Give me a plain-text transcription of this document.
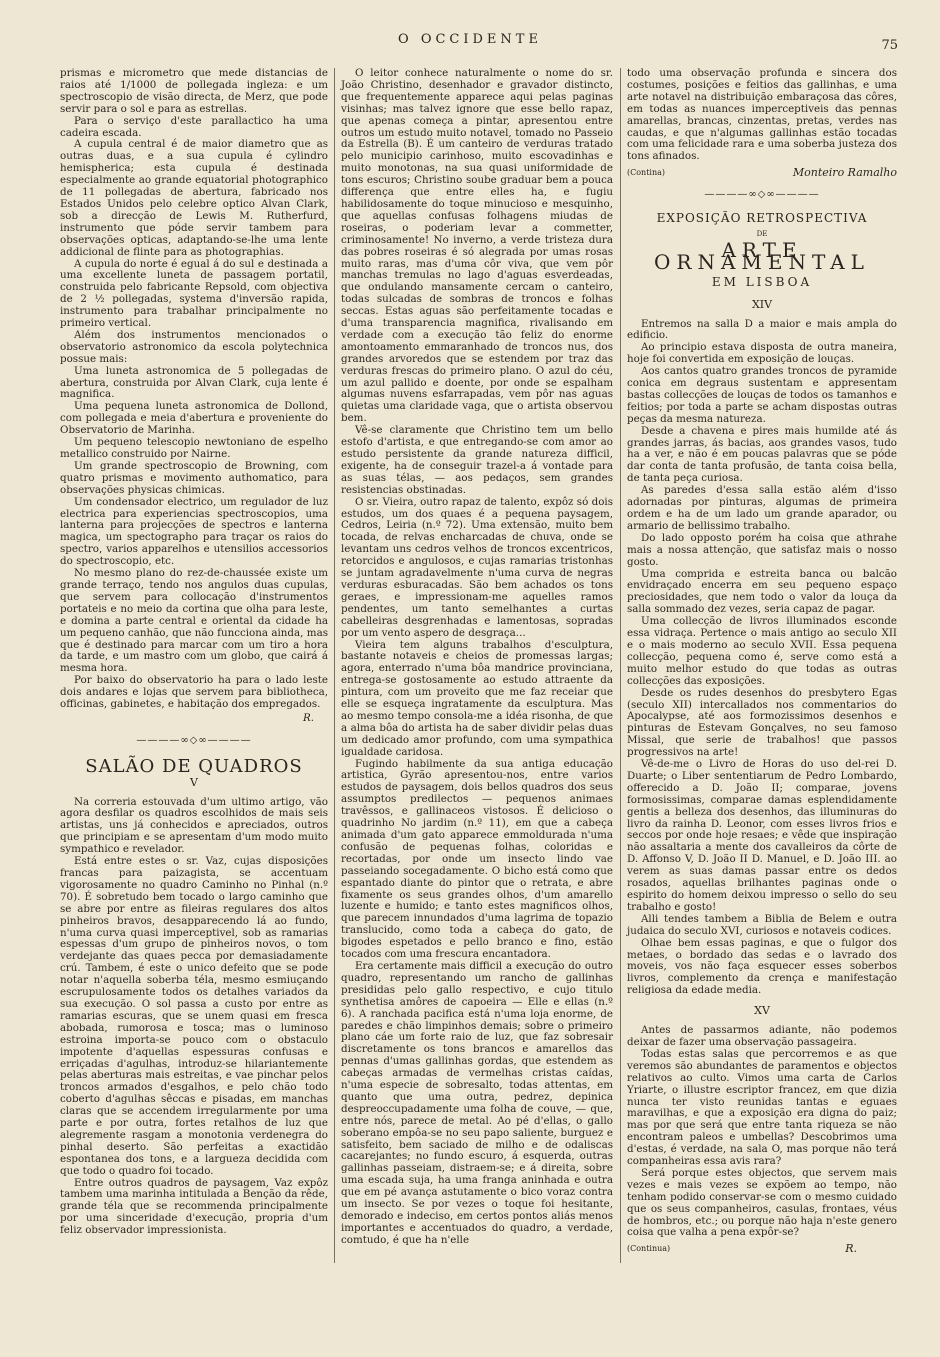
O OCCIDENTE	75

prismas e micrometro que mede distancias de raios até 1/1000 de pollegada ingleza: e um spectroscopio de visão directa, de Merz, que pode servir para o sol e para as estrellas.

Para o serviço d'este parallactico ha uma cadeira escada.

A cupula central é de maior diametro que as outras duas, e a sua cupula é cylindro hemispherica; esta cupula é destinada especialmente ao grande equatorial photographico de 11 pollegadas de abertura, fabricado nos Estados Unidos pelo celebre optico Alvan Clark, sob a direcção de Lewis M. Rutherfurd, instrumento que póde servir tambem para observações opticas, adaptando-se-lhe uma lente addicional de flinte para as photographias.

A cupula do norte é egual á do sul e destinada a uma excellente luneta de passagem portatil, construida pelo fabricante Repsold, com objectiva de 2 ½ pollegadas, systema d'inversão rapida, instrumento para trabalhar principalmente no primeiro vertical.

Além dos instrumentos mencionados o observatorio astronomico da escola polytechnica possue mais:

Uma luneta astronomica de 5 pollegadas de abertura, construida por Alvan Clark, cuja lente é magnifica.

Uma pequena luneta astronomica de Dollond, com pollegada e meia d'abertura e proveniente do Observatorio de Marinha.

Um pequeno telescopio newtoniano de espelho metallico construido por Nairne.

Um grande spectroscopio de Browning, com quatro prismas e movimento authomatico, para observações physicas chimicas.

Um condensador electrico, um regulador de luz electrica para experiencias spectroscopios, uma lanterna para projecções de spectros e lanterna magica, um spectographo para traçar os raios do spectro, varios apparelhos e utensilios accessorios do spectroscopio, etc.

No mesmo plano do rez-de-chaussée existe um grande terraço, tendo nos angulos duas cupulas, que servem para collocação d'instrumentos portateis e no meio da cortina que olha para leste, e domina a parte central e oriental da cidade ha um pequeno canhão, que não funcciona ainda, mas que é destinado para marcar com um tiro a hora da tarde, e um mastro com um globo, que cairá á mesma hora.

Por baixo do observatorio ha para o lado leste dois andares e lojas que servem para bibliotheca, officinas, gabinetes, e habitação dos empregados.

R.
————∞◇∞————
SALÃO DE QUADROS
V

Na correria estouvada d'um ultimo artigo, vão agora desfilar os quadros escolhidos de mais seis artistas, uns já conhecidos e apreciados, outros que principiam e se apresentam d'um modo muito sympathico e revelador.

Está entre estes o sr. Vaz, cujas disposições francas para paizagista, se accentuam vigorosamente no quadro Caminho no Pinhal (n.º 70). É sobretudo bem tocado o largo caminho que se abre por entre as fileiras regulares dos altos pinheiros bravos, desapparecendo lá ao fundo, n'uma curva quasi imperceptivel, sob as ramarias espessas d'um grupo de pinheiros novos, o tom verdejante das quaes pecca por demasiadamente crú. Tambem, é este o unico defeito que se pode notar n'aquella soberba téla, mesmo esmiuçando escrupulosamente todos os detalhes variados da sua execução. O sol passa a custo por entre as ramarias escuras, que se unem quasi em fresca abobada, rumorosa e tosca; mas o luminoso estroina importa-se pouco com o obstaculo impotente d'aquellas espessuras confusas e erriçadas d'agulhas, introduz-se hilariantemente pelas aberturas mais estreitas, e vae pinchar pelos troncos armados d'esgalhos, e pelo chão todo coberto d'agulhas sêccas e pisadas, em manchas claras que se accendem irregularmente por uma parte e por outra, fortes retalhos de luz que alegremente rasgam a monotonia verdenegra do pinhal deserto. São perfeitas a exactidão espontanea dos tons, e a largueza decidida com que todo o quadro foi tocado.

Entre outros quadros de paysagem, Vaz expôz tambem uma marinha intitulada a Benção da rêde, grande téla que se recommenda principalmente por uma sinceridade d'execução, propria d'um feliz observador impressionista.

O leitor conhece naturalmente o nome do sr. João Christino, desenhador e gravador distincto, que frequentemente apparece aqui pelas paginas visinhas; mas talvez ignore que esse bello rapaz, que apenas começa a pintar, apresentou entre outros um estudo muito notavel, tomado no Passeio da Estrella (B). É um canteiro de verduras tratado pelo municipio carinhoso, muito escovadinhas e muito monotonas, na sua quasi uniformidade de tons escuros; Christino soube graduar bem a pouca differença que entre elles ha, e fugiu habilidosamente do toque minucioso e mesquinho, que aquellas confusas folhagens miudas de roseiras, o poderiam levar a commetter, criminosamente! No inverno, a verde tristeza dura das pobres roseiras é só alegrada por umas rosas muito raras, mas d'uma côr viva, que vem pôr manchas tremulas no lago d'aguas esverdeadas, que ondulando mansamente cercam o canteiro, todas sulcadas de sombras de troncos e folhas seccas. Estas aguas são perfeitamente tocadas e d'uma transparencia magnifica, rivalisando em verdade com a execução tão feliz do enorme amontoamento emmaranhado de troncos nus, dos grandes arvoredos que se estendem por traz das verduras frescas do primeiro plano. O azul do céu, um azul pallido e doente, por onde se espalham algumas nuvens esfarrapadas, vem pôr nas aguas quietas uma claridade vaga, que o artista observou bem.

Vê-se claramente que Christino tem um bello estofo d'artista, e que entregando-se com amor ao estudo persistente da grande natureza difficil, exigente, ha de conseguir trazel-a á vontade para as suas télas, — aos pedaços, sem grandes resistencias obstinadas.

O sr. Vieira, outro rapaz de talento, expôz só dois estudos, um dos quaes é a pequena paysagem, Cedros, Leiria (n.º 72). Uma extensão, muito bem tocada, de relvas encharcadas de chuva, onde se levantam uns cedros velhos de troncos excentricos, retorcidos e angulosos, e cujas ramarias tristonhas se juntam agradavelmente n'uma curva de negras verduras esburacadas. São bem achados os tons geraes, e impressionam-me aquelles ramos pendentes, um tanto semelhantes a curtas cabelleiras desgrenhadas e lamentosas, sopradas por um vento aspero de desgraça...

Vieira tem alguns trabalhos d'esculptura, bastante notaveis e cheios de promessas largas; agora, enterrado n'uma bôa mandrice provinciana, entrega-se gostosamente ao estudo attraente da pintura, com um proveito que me faz receiar que elle se esqueça ingratamente da esculptura. Mas ao mesmo tempo consola-me a idéa risonha, de que a alma bôa do artista ha de saber dividir pelas duas um dedicado amor profundo, com uma sympathica igualdade caridosa.

Fugindo habilmente da sua antiga educação artistica, Gyrão apresentou-nos, entre varios estudos de paysagem, dois bellos quadros dos seus assumptos predilectos — pequenos animaes travêssos, e gallinaceos vistosos. É delicioso o quadrinho No jardim (n.º 11), em que a cabeça animada d'um gato apparece emmoldurada n'uma confusão de pequenas folhas, coloridas e recortadas, por onde um insecto lindo vae passeiando socegadamente. O bicho está como que espantado diante do pintor que o retrata, e abre fixamente os seus grandes olhos, d'um amarello luzente e humido; e tanto estes magnificos olhos, que parecem innundados d'uma lagrima de topazio translucido, como toda a cabeça do gato, de bigodes espetados e pello branco e fino, estão tocados com uma frescura encantadora.

Era certamente mais difficil a execução do outro quadro, representando um rancho de gallinhas presididas pelo gallo respectivo, e cujo titulo synthetisa amôres de capoeira — Elle e ellas (n.º 6). A ranchada pacifica está n'uma loja enorme, de paredes e chão limpinhos demais; sobre o primeiro plano cáe um forte raio de luz, que faz sobresair discretamente os tons brancos e amarellos das pennas d'umas gallinhas gordas, que estendem as cabeças armadas de vermelhas cristas caídas, n'uma especie de sobresalto, todas attentas, em quanto que uma outra, pedrez, depinica despreoccupadamente uma folha de couve, — que, entre nós, parece de metal. Ao pé d'ellas, o gallo soberano empôa-se no seu papo saliente, burguez e satisfeito, bem saciado de milho e de odaliscas cacarejantes; no fundo escuro, á esquerda, outras gallinhas passeiam, distraem-se; e á direita, sobre uma escada suja, ha uma franga aninhada e outra que em pé avança astutamente o bico voraz contra um insecto. Se por vezes o toque foi hesitante, demorado e indeciso, em certos pontos aliás menos importantes e accentuados do quadro, a verdade, comtudo, é que ha n'elle

todo uma observação profunda e sincera dos costumes, posições e feitios das gallinhas, e uma arte notavel na distribuição embaraçosa das côres, em todas as nuances imperceptiveis das pennas amarellas, brancas, cinzentas, pretas, verdes nas caudas, e que n'algumas gallinhas estão tocadas com uma felicidade rara e uma soberba justeza dos tons afinados.

(Contina)	Monteiro Ramalho
————∞◇∞————
EXPOSIÇÃO RETROSPECTIVA
DE
ARTE ORNAMENTAL
EM LISBOA
XIV

Entremos na salla D a maior e mais ampla do edificio.

Ao principio estava disposta de outra maneira, hoje foi convertida em exposição de louças.

Aos cantos quatro grandes troncos de pyramide conica em degraus sustentam e appresentam bastas collecções de louças de todos os tamanhos e feitios; por toda a parte se acham dispostas outras peças da mesma natureza.

Desde a chavena e pires mais humilde até ás grandes jarras, ás bacias, aos grandes vasos, tudo ha a ver, e não é em poucas palavras que se póde dar conta de tanta profusão, de tanta coisa bella, de tanta peça curiosa.

As paredes d'essa salla estão além d'isso adornadas por pinturas, algumas de primeira ordem e ha de um lado um grande aparador, ou armario de bellissimo trabalho.

Do lado opposto porém ha coisa que athrahe mais a nossa attenção, que satisfaz mais o nosso gosto.

Uma comprida e estreita banca ou balcão envidraçado encerra em seu pequeno espaço preciosidades, que nem todo o valor da louça da salla sommado dez vezes, seria capaz de pagar.

Uma collecção de livros illuminados esconde essa vidraça. Pertence o mais antigo ao seculo XII e o mais moderno ao seculo XVII. Essa pequena collecção, pequena como é, serve como está a muito melhor estudo do que todas as outras collecções das exposições.

Desde os rudes desenhos do presbytero Egas (seculo XII) intercallados nos commentarios do Apocalypse, até aos formozissimos desenhos e pinturas de Estevam Gonçalves, no seu famoso Missal, que serie de trabalhos! que passos progressivos na arte!

Vê-de-me o Livro de Horas do uso del-rei D. Duarte; o Liber sententiarum de Pedro Lombardo, offerecido a D. João II; comparae, jovens formosissimas, comparae damas esplendidamente gentis a belleza dos desenhos, das illuminuras do livro da rainha D. Leonor, com esses livros frios e seccos por onde hoje resaes; e vêde que inspiração não assaltaria a mente dos cavalleiros da côrte de D. Affonso V, D. João II D. Manuel, e D. João III. ao verem as suas damas passar entre os dedos rosados, aquellas brilhantes paginas onde o espirito do homem deixou impresso o sello do seu trabalho e gosto!

Alli tendes tambem a Biblia de Belem e outra judaica do seculo XVI, curiosos e notaveis codices.

Olhae bem essas paginas, e que o fulgor dos metaes, o bordado das sedas e o lavrado dos moveis, vos não faça esquecer esses soberbos livros, complemento da crença e manifestação religiosa da edade media.

XV

Antes de passarmos adiante, não podemos deixar de fazer uma observação passageira.

Todas estas salas que percorremos e as que veremos são abundantes de paramentos e objectos relativos ao culto. Vimos uma carta de Carlos Yriarte, o illustre escriptor francez, em que dizia nunca ter visto reunidas tantas e eguaes maravilhas, e que a exposição era digna do paiz; mas por que será que entre tanta riqueza se não encontram paleos e umbellas? Descobrimos uma d'estas, é verdade, na sala O, mas porque não terá companheiras essa avis rara?

Será porque estes objectos, que servem mais vezes e mais vezes se expõem ao tempo, não tenham podido conservar-se com o mesmo cuidado que os seus companheiros, casulas, frontaes, véus de hombros, etc.; ou porque não haja n'este genero coisa que valha a pena expôr-se?

(Continua)	R.
